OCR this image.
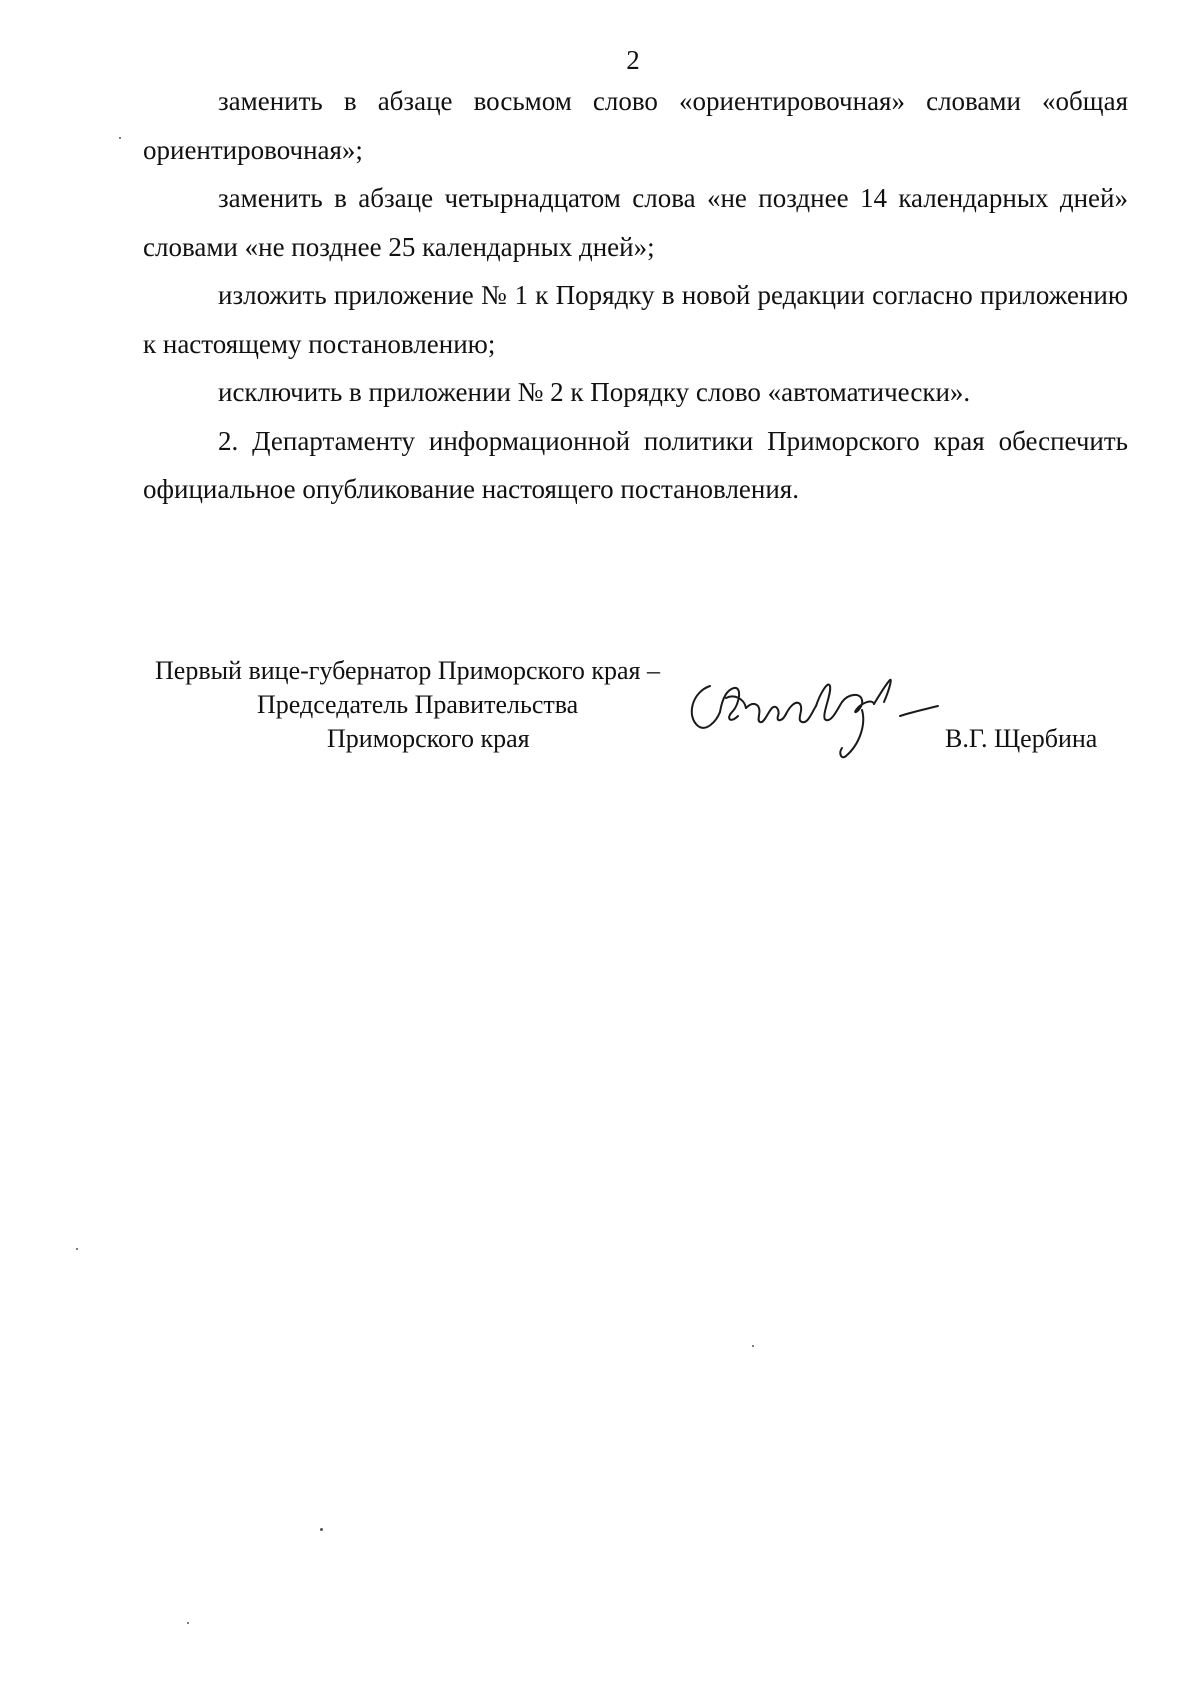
2

заменить в абзаце восьмом слово «ориентировочная» словами «общая ориентировочная»;

заменить в абзаце четырнадцатом слова «не позднее 14 календарных дней» словами «не позднее 25 календарных дней»;

изложить приложение № 1 к Порядку в новой редакции согласно приложению к настоящему постановлению;

исключить в приложении № 2 к Порядку слово «автоматически».

2. Департаменту информационной политики Приморского края обеспечить официальное опубликование настоящего постановления.

Первый вице-губернатор Приморского края –
Председатель Правительства
Приморского края	В.Г. Щербина
